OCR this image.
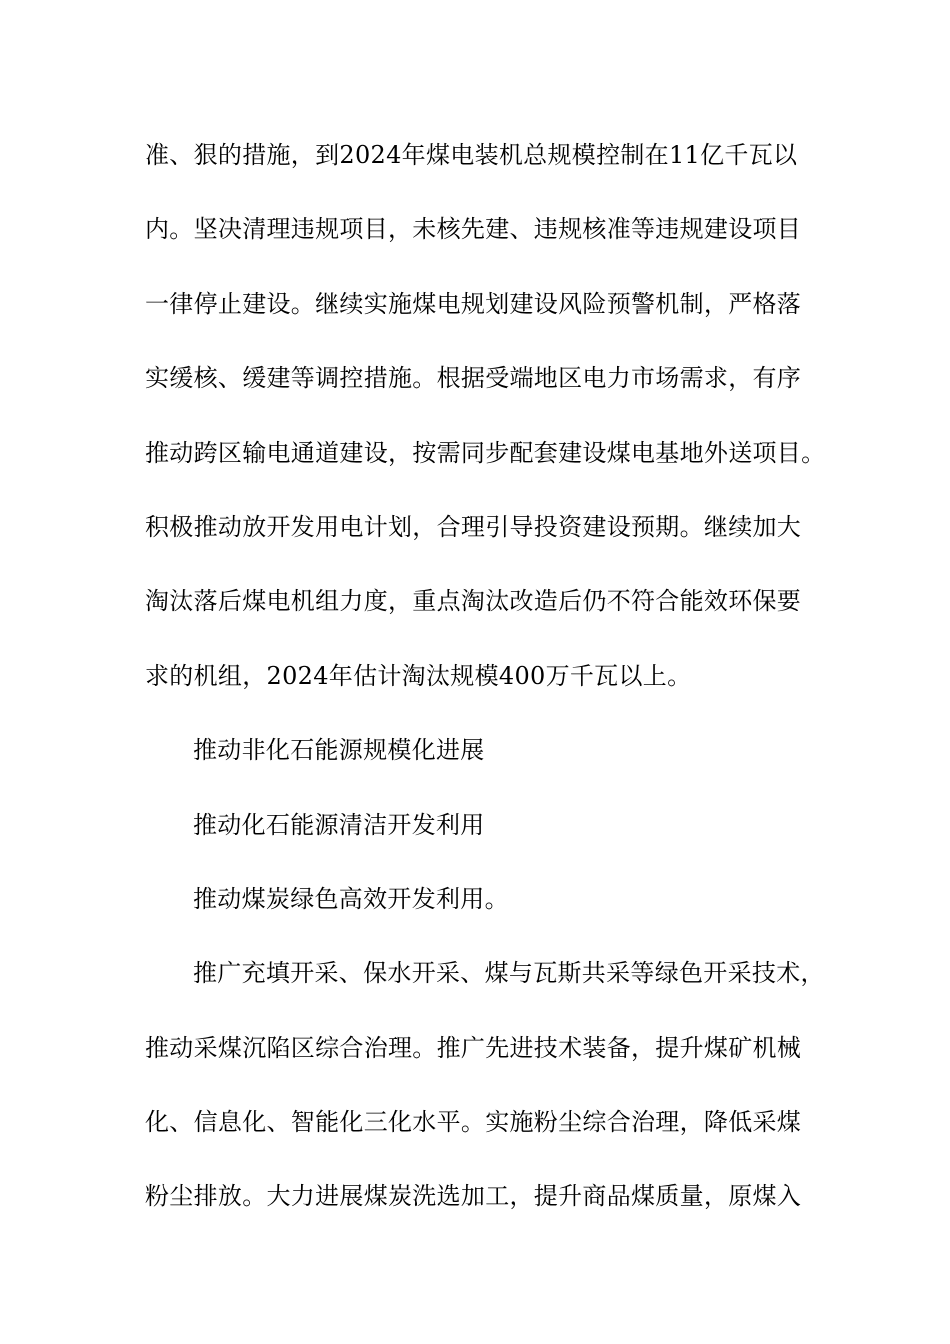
准、狠的措施，到2024年煤电装机总规模控制在11亿千瓦以
内。坚决清理违规项目，未核先建、违规核准等违规建设项目
一律停止建设。继续实施煤电规划建设风险预警机制，严格落
实缓核、缓建等调控措施。根据受端地区电力市场需求，有序
推动跨区输电通道建设，按需同步配套建设煤电基地外送项目。
积极推动放开发用电计划，合理引导投资建设预期。继续加大
淘汰落后煤电机组力度，重点淘汰改造后仍不符合能效环保要
求的机组，2024年估计淘汰规模400万千瓦以上。
推动非化石能源规模化进展
推动化石能源清洁开发利用
推动煤炭绿色高效开发利用。
推广充填开采、保水开采、煤与瓦斯共采等绿色开采技术，
推动采煤沉陷区综合治理。推广先进技术装备，提升煤矿机械
化、信息化、智能化三化水平。实施粉尘综合治理，降低采煤
粉尘排放。大力进展煤炭洗选加工，提升商品煤质量，原煤入
